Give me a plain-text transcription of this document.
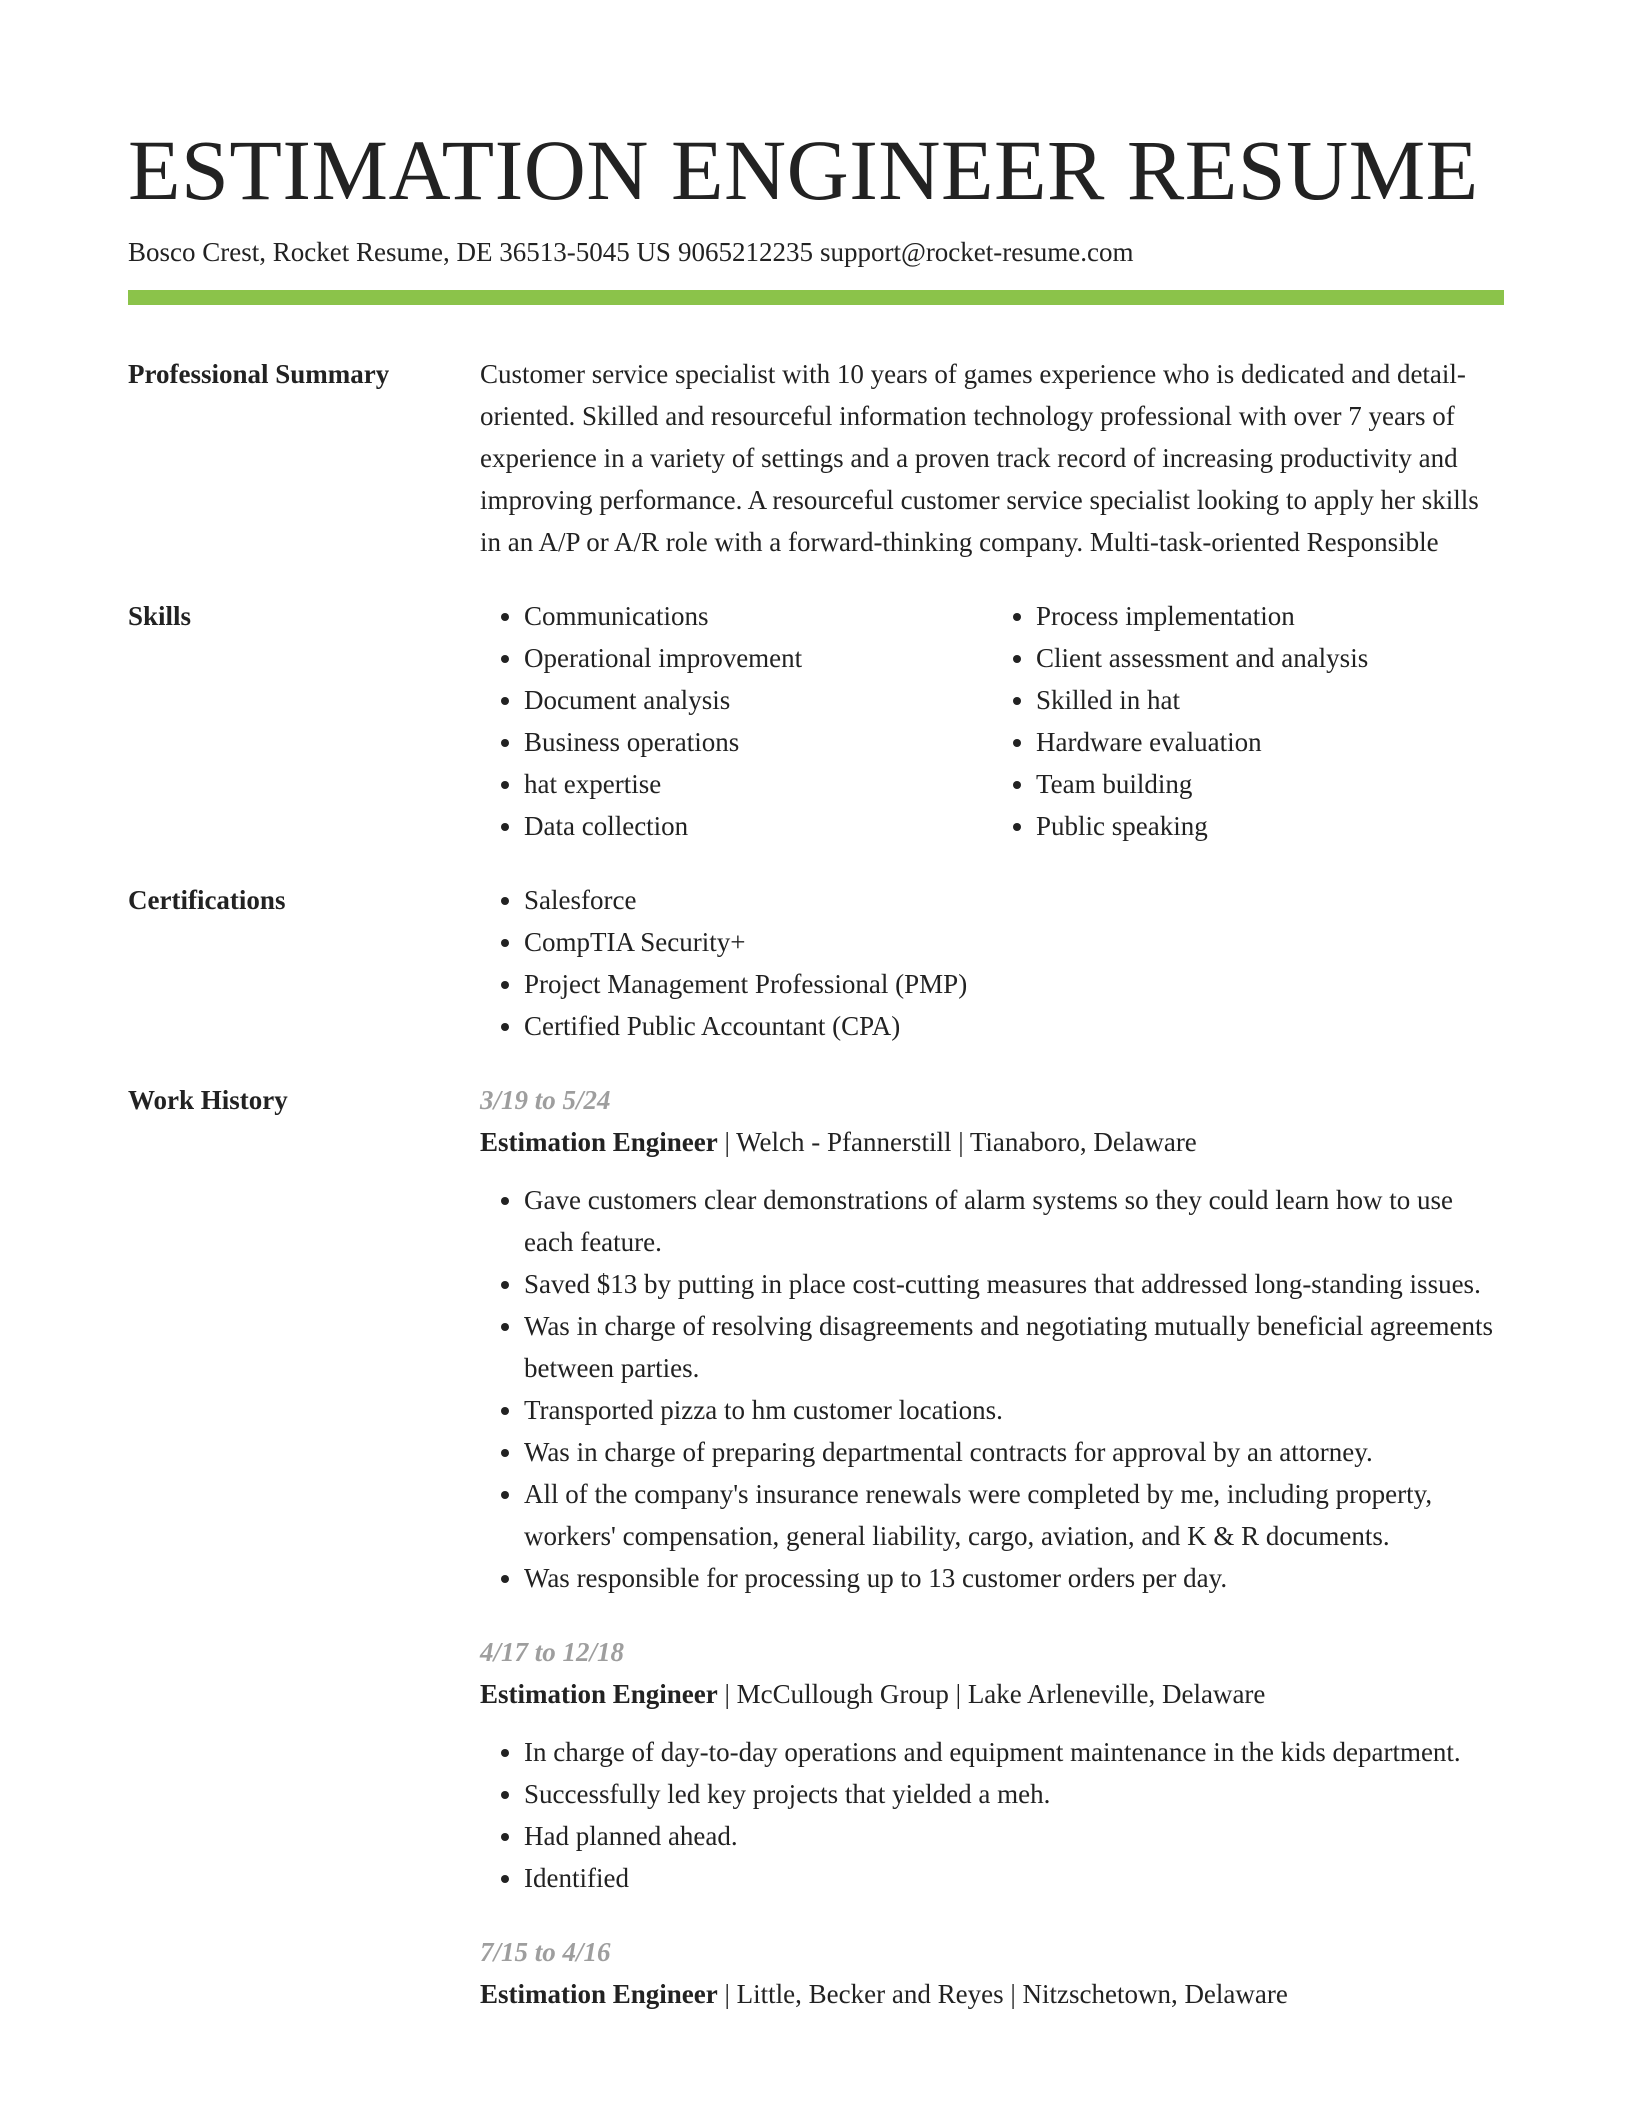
ESTIMATION ENGINEER RESUME
Bosco Crest, Rocket Resume, DE 36513-5045 US 9065212235 support@rocket-resume.com
Professional Summary	Customer service specialist with 10 years of games experience who is dedicated and detail-oriented. Skilled and resourceful information technology professional with over 7 years of experience in a variety of settings and a proven track record of increasing productivity and improving performance. A resourceful customer service specialist looking to apply her skills in an A/P or A/R role with a forward-thinking company. Multi-task-oriented Responsible

Skills	• Communications
• Operational improvement
• Document analysis
• Business operations
• hat expertise
• Data collection
• Process implementation
• Client assessment and analysis
• Skilled in hat
• Hardware evaluation
• Team building
• Public speaking
Certifications	• Salesforce
• CompTIA Security+
• Project Management Professional (PMP)
• Certified Public Accountant (CPA)
Work History	3/19 to 5/24
Estimation Engineer | Welch - Pfannerstill | Tianaboro, Delaware
• Gave customers clear demonstrations of alarm systems so they could learn how to use each feature.
• Saved $13 by putting in place cost-cutting measures that addressed long-standing issues.
• Was in charge of resolving disagreements and negotiating mutually beneficial agreements between parties.
• Transported pizza to hm customer locations.
• Was in charge of preparing departmental contracts for approval by an attorney.
• All of the company's insurance renewals were completed by me, including property, workers' compensation, general liability, cargo, aviation, and K & R documents.
• Was responsible for processing up to 13 customer orders per day.
4/17 to 12/18
Estimation Engineer | McCullough Group | Lake Arleneville, Delaware
• In charge of day-to-day operations and equipment maintenance in the kids department.
• Successfully led key projects that yielded a meh.
• Had planned ahead.
• Identified
7/15 to 4/16
Estimation Engineer | Little, Becker and Reyes | Nitzschetown, Delaware
